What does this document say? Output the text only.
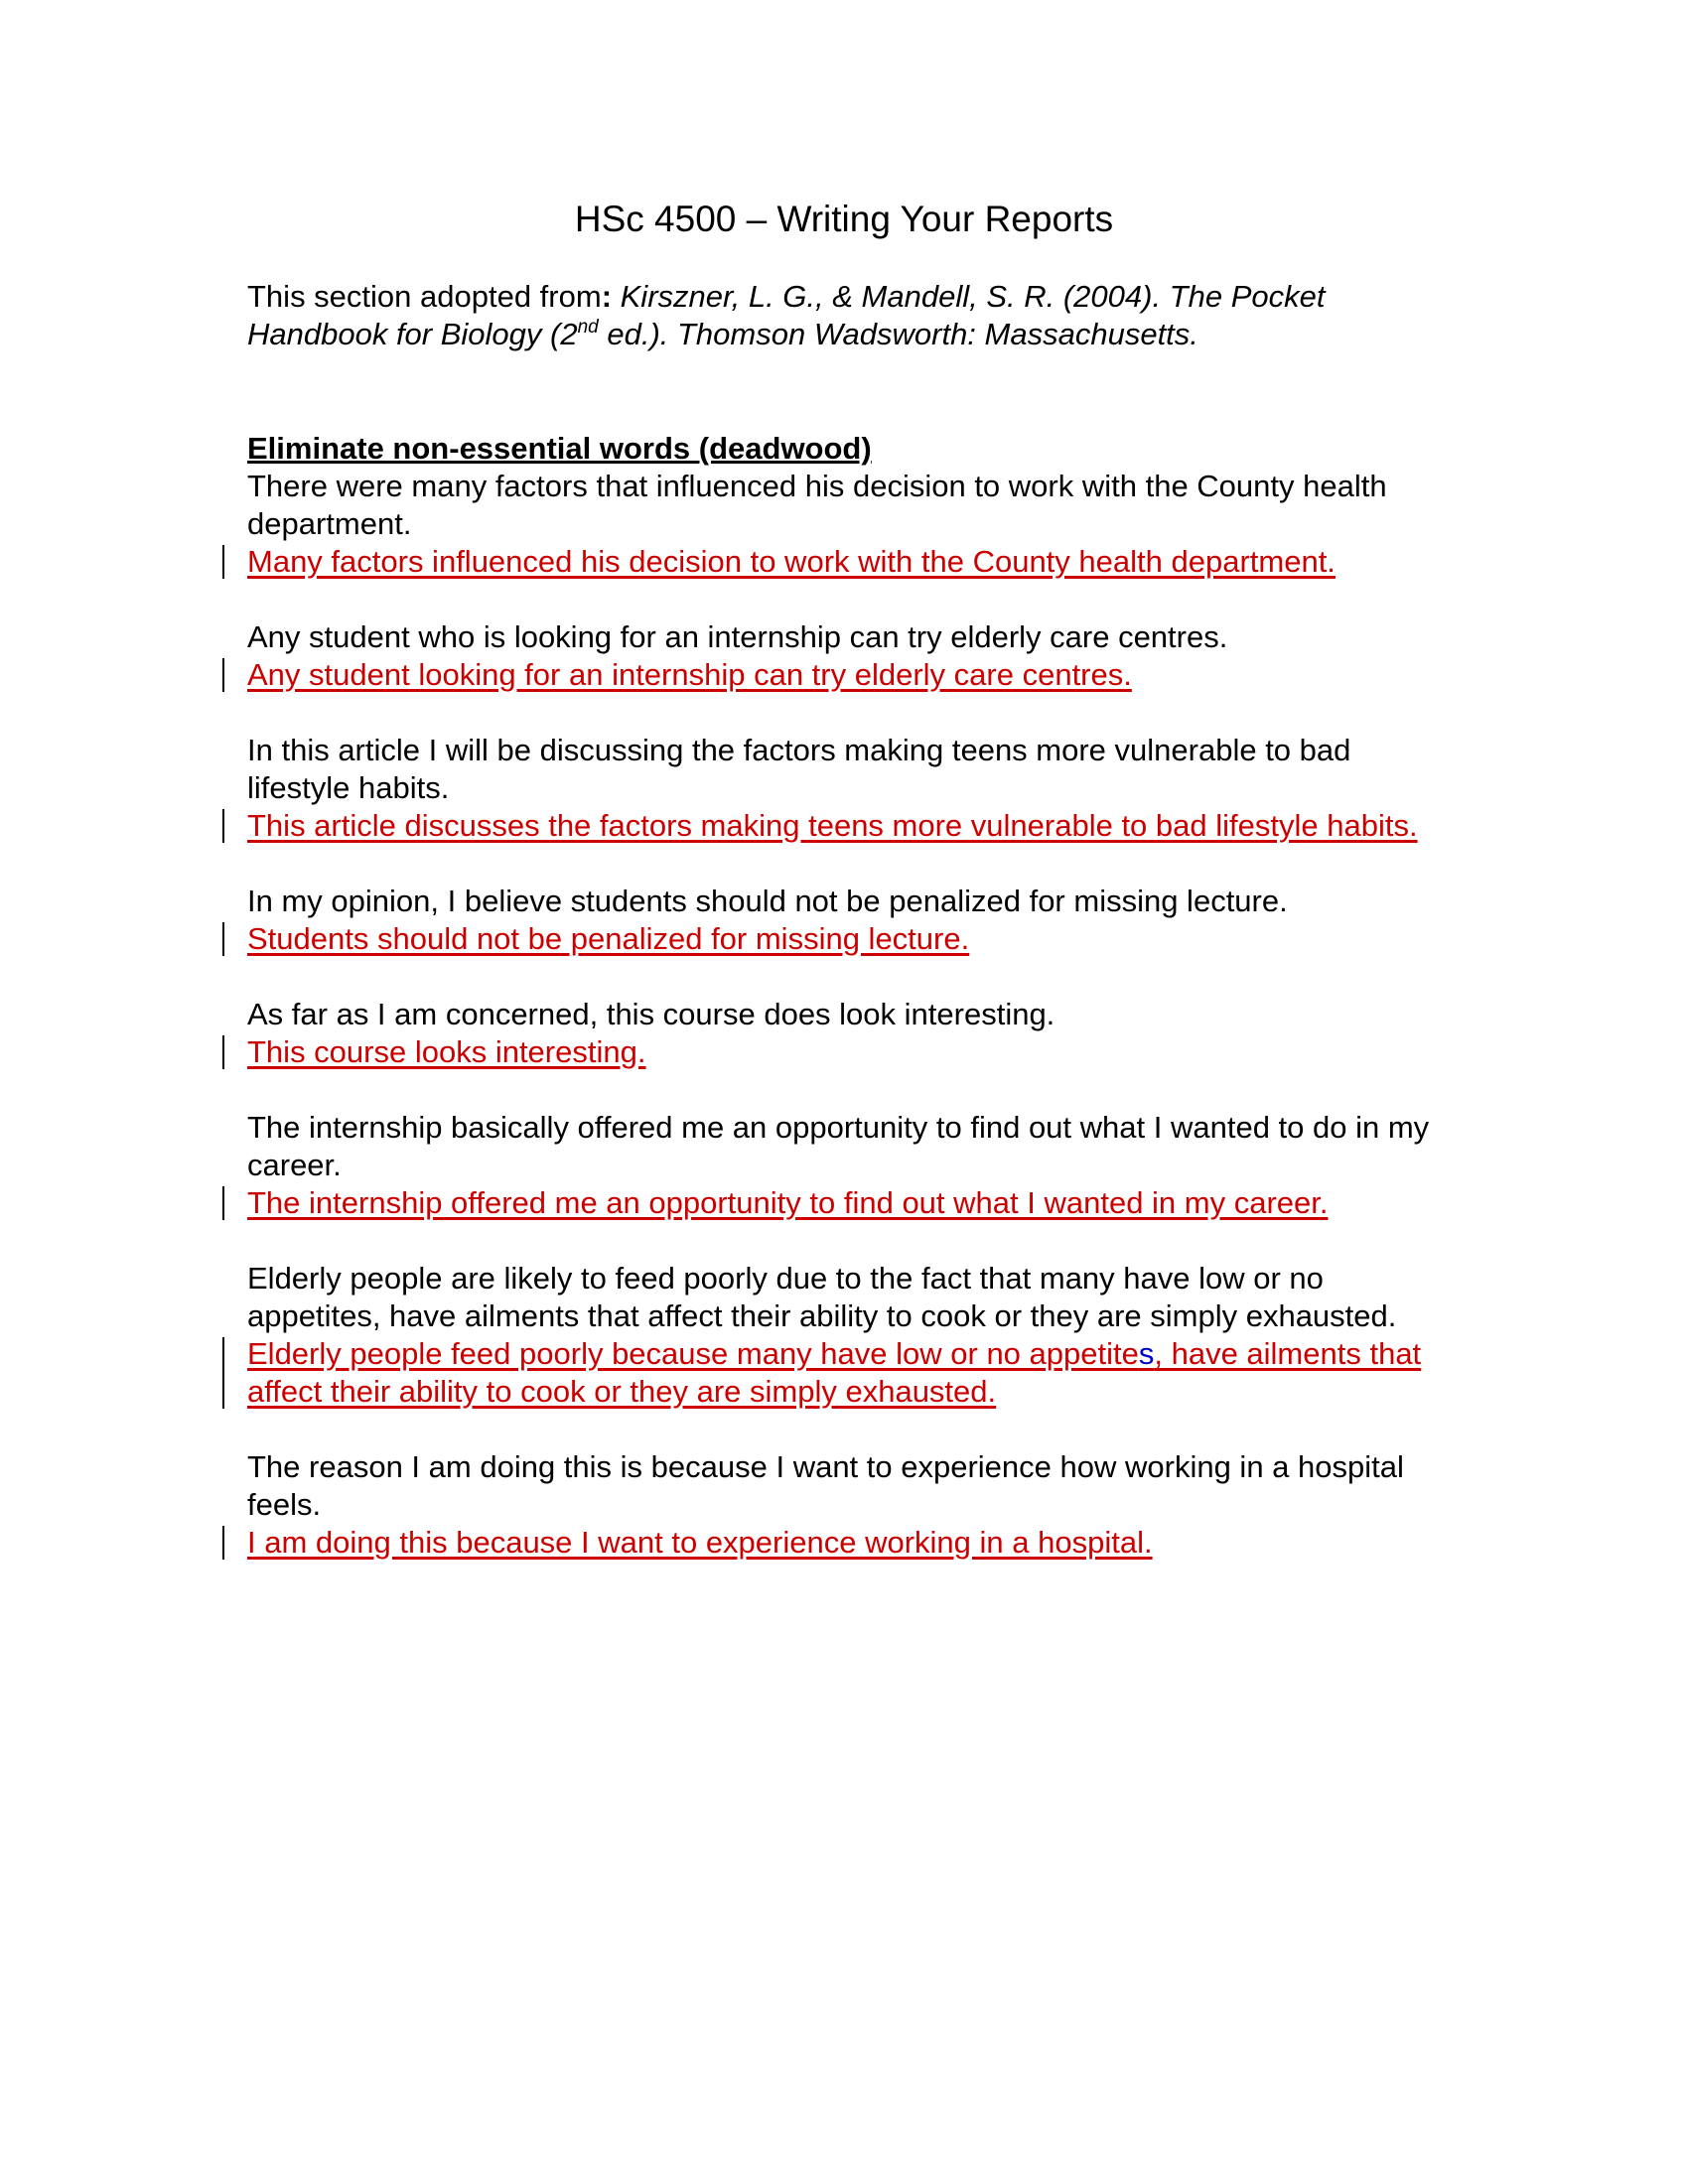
HSc 4500 – Writing Your Reports
This section adopted from: Kirszner, L. G., & Mandell, S. R. (2004). The Pocket Handbook for Biology (2nd ed.). Thomson Wadsworth: Massachusetts.

Eliminate non-essential words (deadwood)

There were many factors that influenced his decision to work with the County health department.

Many factors influenced his decision to work with the County health department.

Any student who is looking for an internship can try elderly care centres.

Any student looking for an internship can try elderly care centres.

In this article I will be discussing the factors making teens more vulnerable to bad lifestyle habits.

This article discusses the factors making teens more vulnerable to bad lifestyle habits.

In my opinion, I believe students should not be penalized for missing lecture.

Students should not be penalized for missing lecture.

As far as I am concerned, this course does look interesting.

This course looks interesting.

The internship basically offered me an opportunity to find out what I wanted to do in my career.

The internship offered me an opportunity to find out what I wanted in my career.

Elderly people are likely to feed poorly due to the fact that many have low or no appetites, have ailments that affect their ability to cook or they are simply exhausted.

Elderly people feed poorly because many have low or no appetites, have ailments that affect their ability to cook or they are simply exhausted.

The reason I am doing this is because I want to experience how working in a hospital feels.

I am doing this because I want to experience working in a hospital.
